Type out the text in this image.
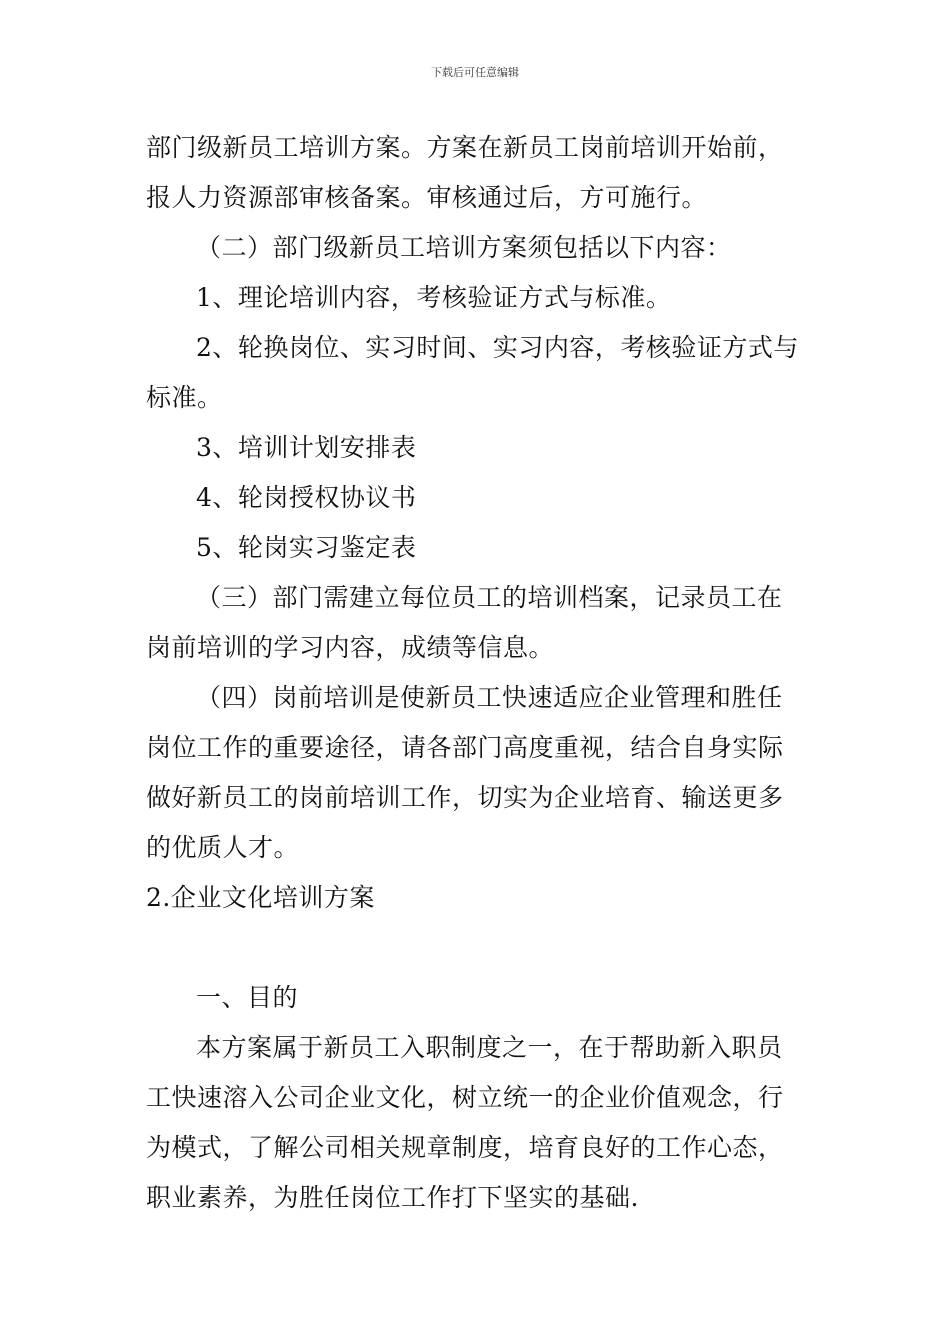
下载后可任意编辑
部门级新员工培训方案。方案在新员工岗前培训开始前，
报人力资源部审核备案。审核通过后，方可施行。
（二）部门级新员工培训方案须包括以下内容：
1、理论培训内容，考核验证方式与标准。
2、轮换岗位、实习时间、实习内容，考核验证方式与
标准。
3、培训计划安排表
4、轮岗授权协议书
5、轮岗实习鉴定表
（三）部门需建立每位员工的培训档案，记录员工在
岗前培训的学习内容，成绩等信息。
（四）岗前培训是使新员工快速适应企业管理和胜任
岗位工作的重要途径，请各部门高度重视，结合自身实际
做好新员工的岗前培训工作，切实为企业培育、输送更多
的优质人才。
2.企业文化培训方案
一、目的
本方案属于新员工入职制度之一，在于帮助新入职员
工快速溶入公司企业文化，树立统一的企业价值观念，行
为模式，了解公司相关规章制度，培育良好的工作心态，
职业素养，为胜任岗位工作打下坚实的基础.
